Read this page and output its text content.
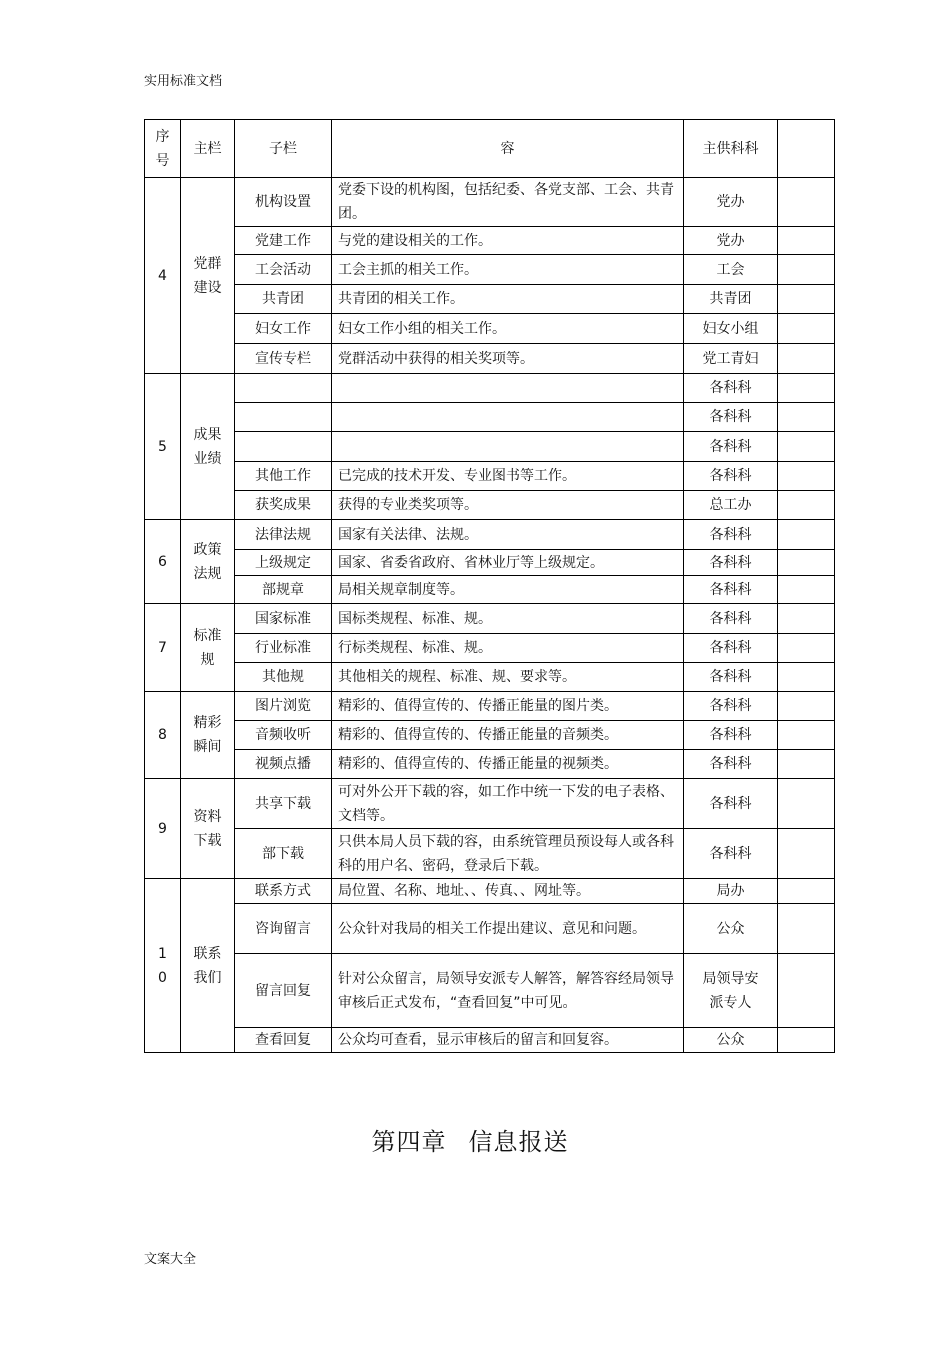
实用标准文档
序号	主栏	子栏	容	主供科科	
4	党群建设	机构设置	党委下设的机构图，包括纪委、各党支部、工会、共青团。	党办	
		党建工作	与党的建设相关的工作。	党办	
		工会活动	工会主抓的相关工作。	工会	
		共青团	共青团的相关工作。	共青团	
		妇女工作	妇女工作小组的相关工作。	妇女小组	
		宣传专栏	党群活动中获得的相关奖项等。	党工青妇	
5	成果业绩			各科科	
				各科科	
				各科科	
		其他工作	已完成的技术开发、专业图书等工作。	各科科	
		获奖成果	获得的专业类奖项等。	总工办	
6	政策法规	法律法规	国家有关法律、法规。	各科科	
		上级规定	国家、省委省政府、省林业厅等上级规定。	各科科	
		部规章	局相关规章制度等。	各科科	
7	标准规	国家标准	国标类规程、标准、规。	各科科	
		行业标准	行标类规程、标准、规。	各科科	
		其他规	其他相关的规程、标准、规、要求等。	各科科	
8	精彩瞬间	图片浏览	精彩的、值得宣传的、传播正能量的图片类。	各科科	
		音频收听	精彩的、值得宣传的、传播正能量的音频类。	各科科	
		视频点播	精彩的、值得宣传的、传播正能量的视频类。	各科科	
9	资料下载	共享下载	可对外公开下载的容，如工作中统一下发的电子表格、文档等。	各科科	
		部下载	只供本局人员下载的容，由系统管理员预设每人或各科科的用户名、密码，登录后下载。	各科科	
10	联系我们	联系方式	局位置、名称、地址、、传真、、网址等。	局办	
		咨询留言	公众针对我局的相关工作提出建议、意见和问题。	公众	
		留言回复	针对公众留言，局领导安派专人解答，解答容经局领导审核后正式发布，“查看回复”中可见。	局领导安派专人	
		查看回复	公众均可查看，显示审核后的留言和回复容。	公众	
第四章 信息报送
文案大全
